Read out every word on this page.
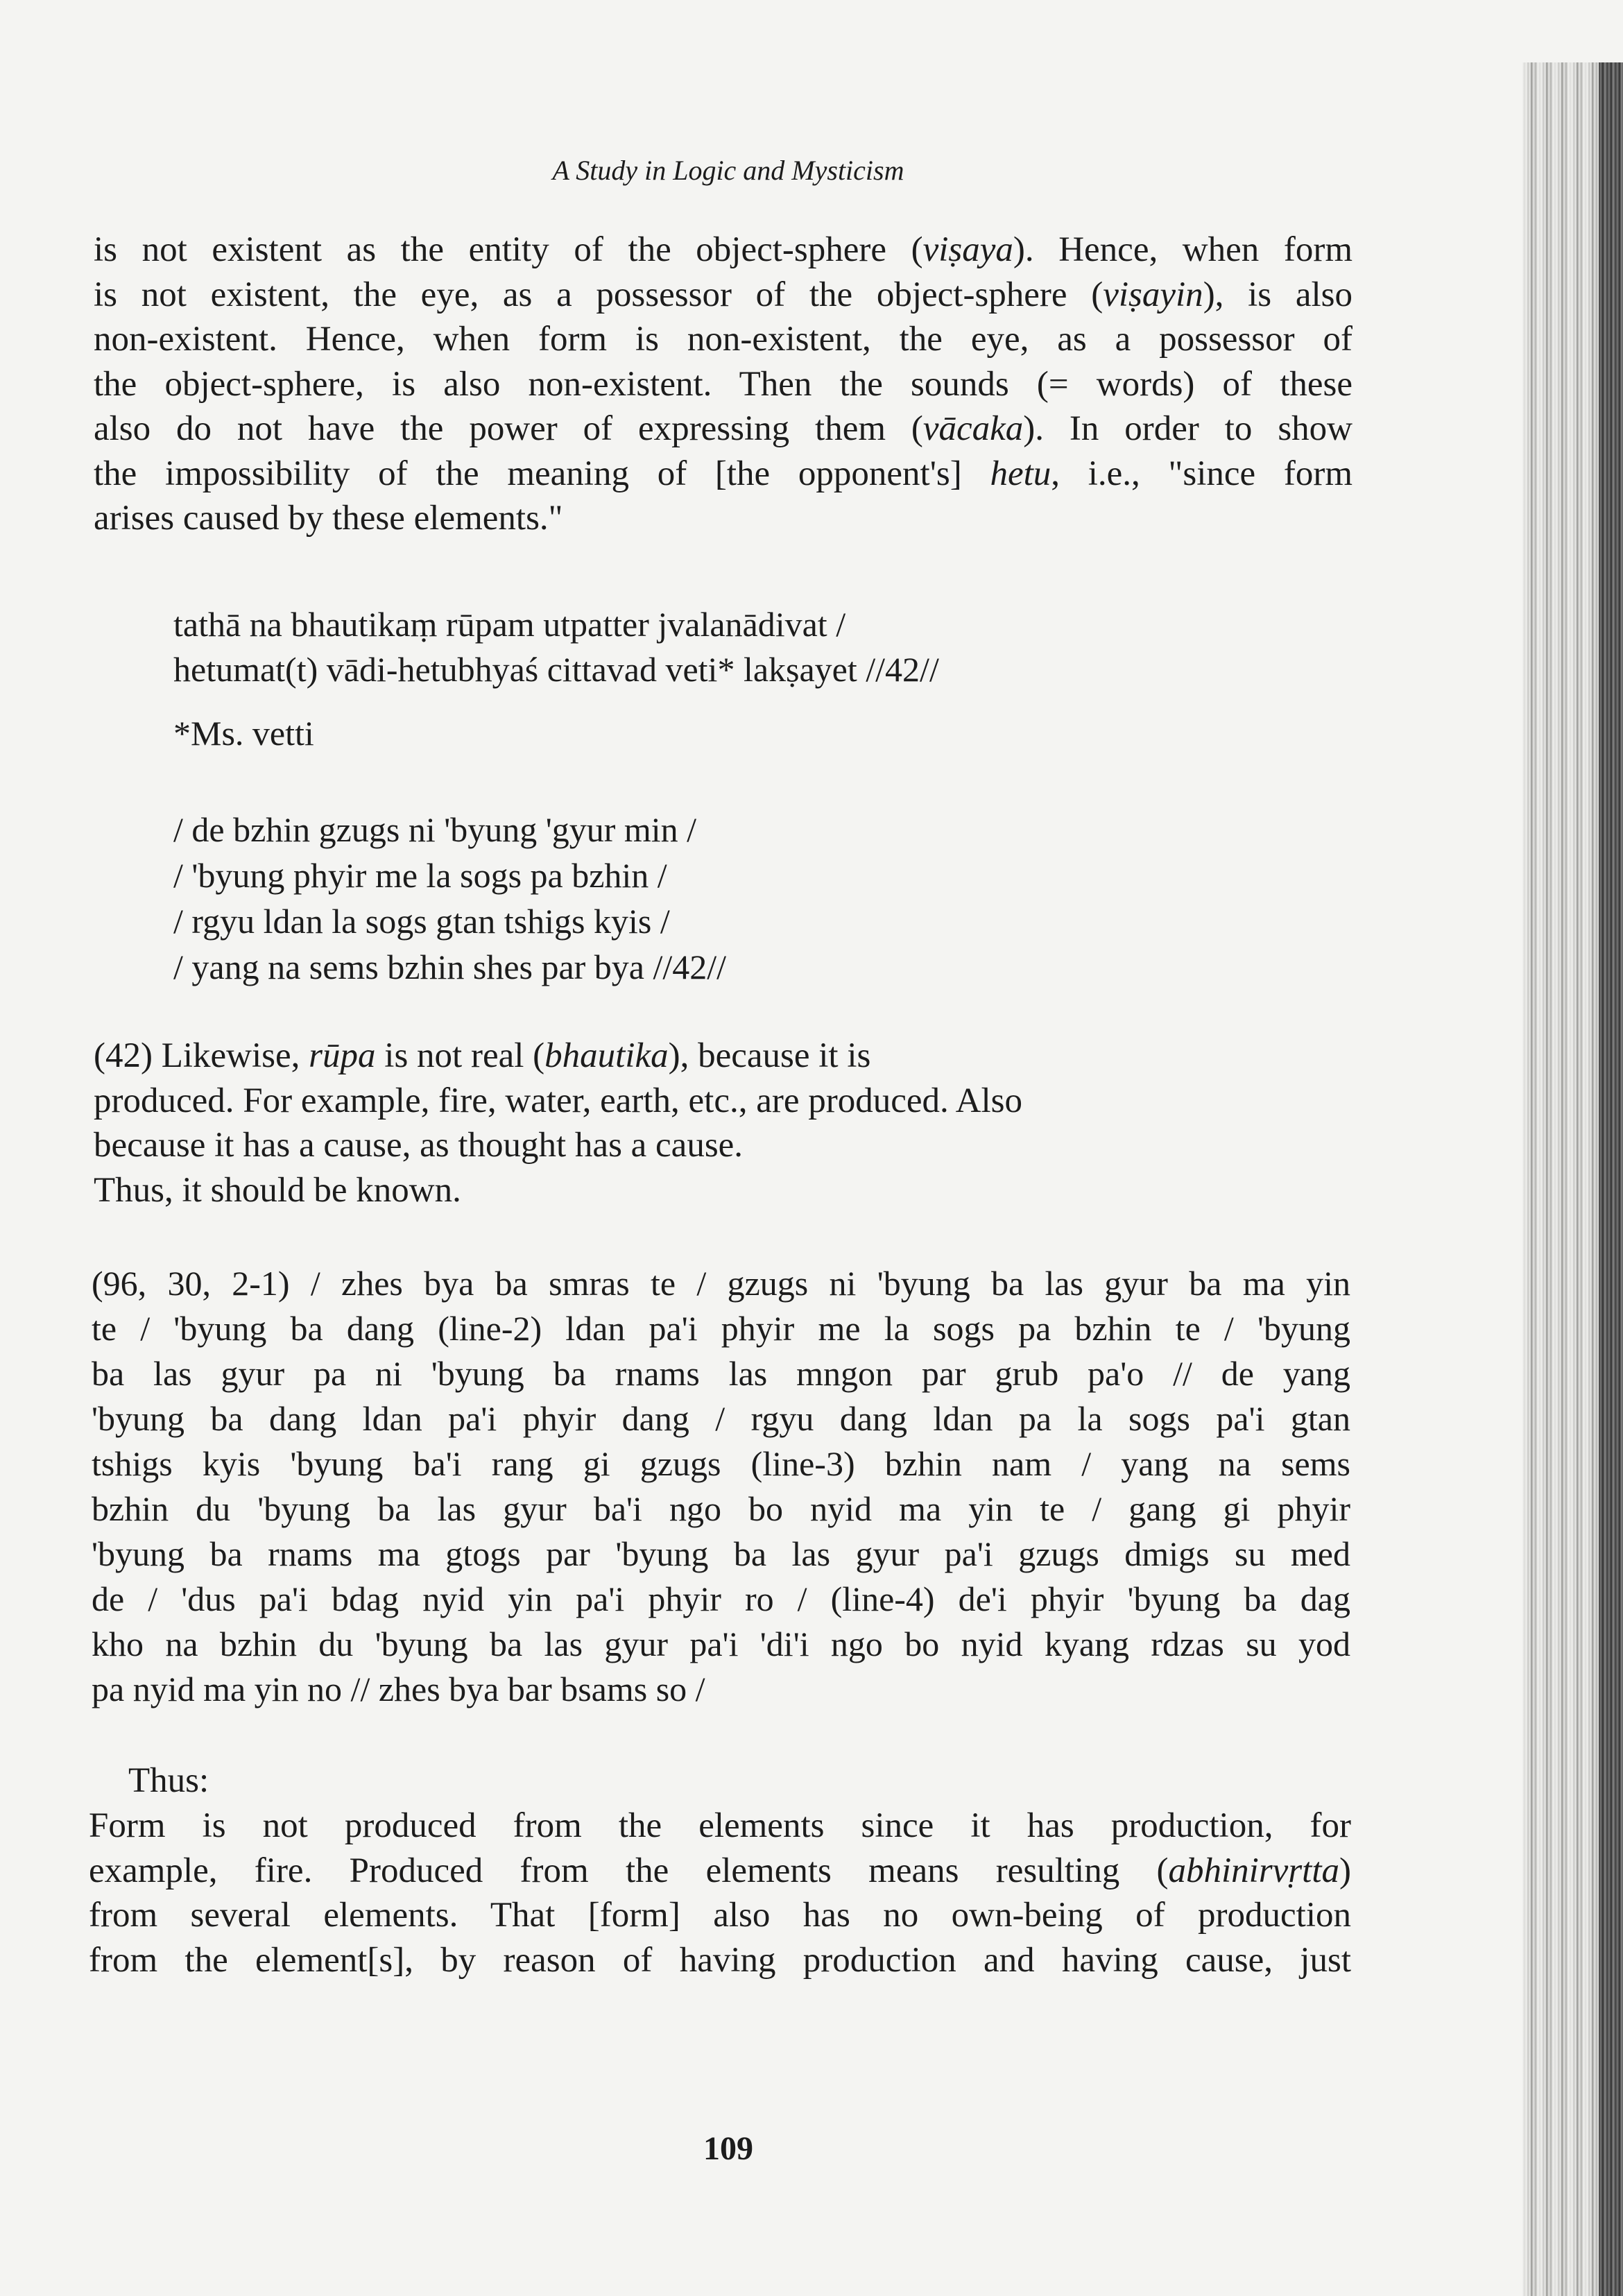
A Study in Logic and Mysticism
is not existent as the entity of the object-sphere (viṣaya). Hence, when form
is not existent, the eye, as a possessor of the object-sphere (viṣayin), is also
non-existent. Hence, when form is non-existent, the eye, as a possessor of
the object-sphere, is also non-existent. Then the sounds (= words) of these
also do not have the power of expressing them (vācaka). In order to show
the impossibility of the meaning of [the opponent's] hetu, i.e., "since form
arises caused by these elements."
tathā na bhautikaṃ rūpam utpatter jvalanādivat /
hetumat(t) vādi-hetubhyaś cittavad veti* lakṣayet //42//
*Ms. vetti
/ de bzhin gzugs ni 'byung 'gyur min /
/ 'byung phyir me la sogs pa bzhin /
/ rgyu ldan la sogs gtan tshigs kyis /
/ yang na sems bzhin shes par bya //42//
(42) Likewise, rūpa is not real (bhautika), because it is
produced. For example, fire, water, earth, etc., are produced. Also
because it has a cause, as thought has a cause.
Thus, it should be known.
(96, 30, 2-1) / zhes bya ba smras te / gzugs ni 'byung ba las gyur ba ma yin
te / 'byung ba dang (line-2) ldan pa'i phyir me la sogs pa bzhin te / 'byung
ba las gyur pa ni 'byung ba rnams las mngon par grub pa'o // de yang
'byung ba dang ldan pa'i phyir dang / rgyu dang ldan pa la sogs pa'i gtan
tshigs kyis 'byung ba'i rang gi gzugs (line-3) bzhin nam / yang na sems
bzhin du 'byung ba las gyur ba'i ngo bo nyid ma yin te / gang gi phyir
'byung ba rnams ma gtogs par 'byung ba las gyur pa'i gzugs dmigs su med
de / 'dus pa'i bdag nyid yin pa'i phyir ro / (line-4) de'i phyir 'byung ba dag
kho na bzhin du 'byung ba las gyur pa'i 'di'i ngo bo nyid kyang rdzas su yod
pa nyid ma yin no // zhes bya bar bsams so /
Thus:
Form is not produced from the elements since it has production, for
example, fire. Produced from the elements means resulting (abhinirvṛtta)
from several elements. That [form] also has no own-being of production
from the element[s], by reason of having production and having cause, just
109
